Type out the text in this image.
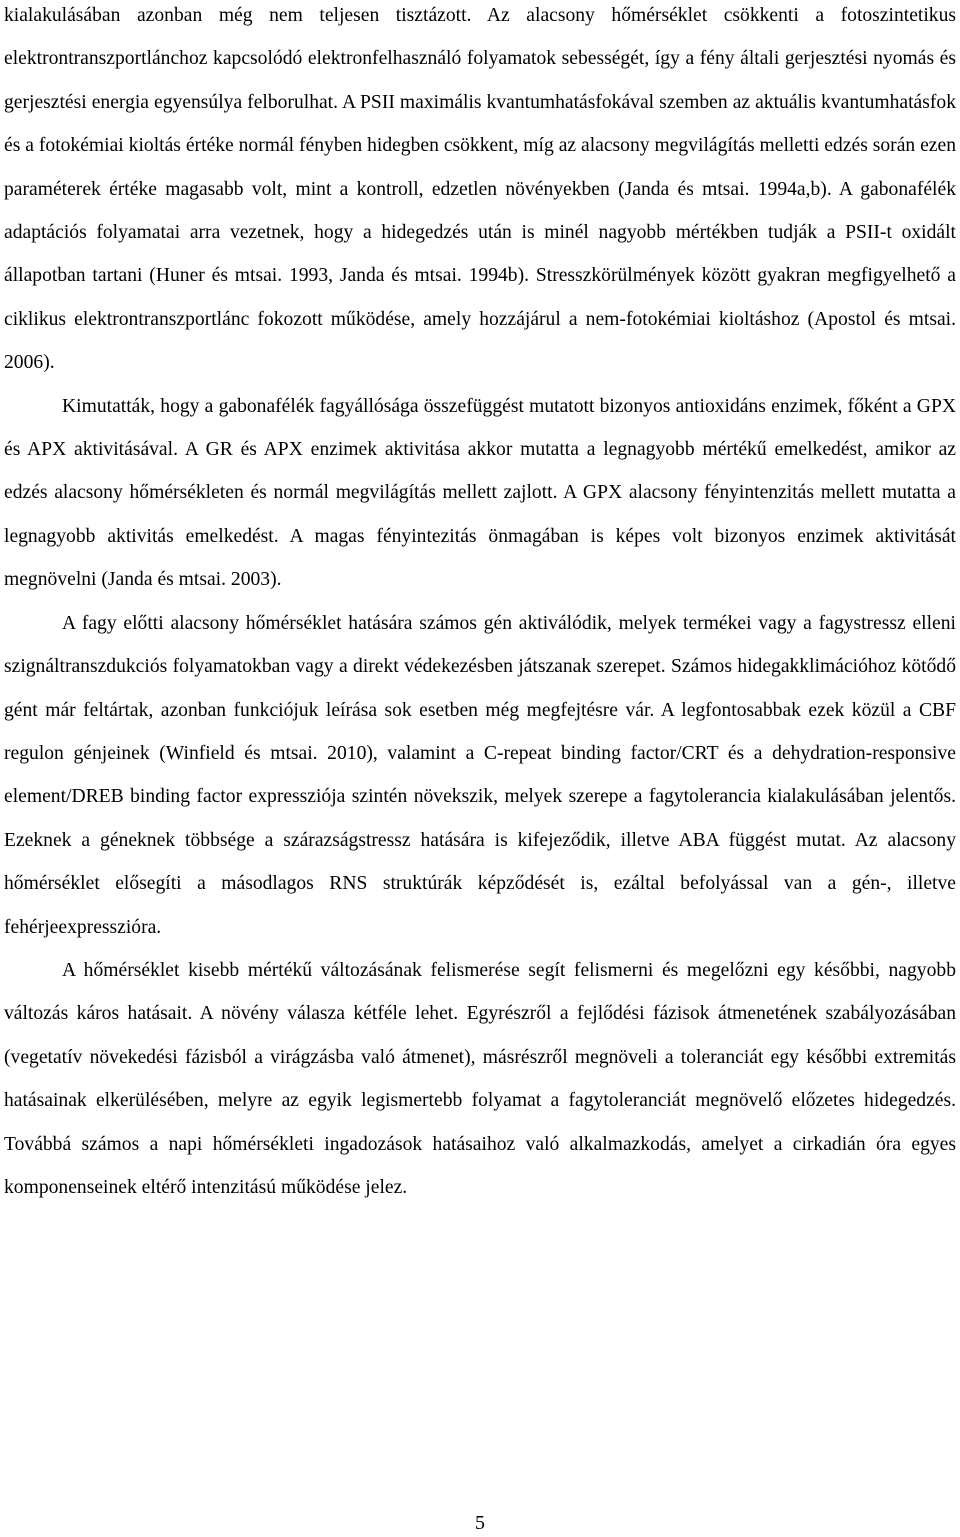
kialakulásában azonban még nem teljesen tisztázott. Az alacsony hőmérséklet csökkenti a fotoszintetikus elektrontranszportlánchoz kapcsolódó elektronfelhasználó folyamatok sebességét, így a fény általi gerjesztési nyomás és gerjesztési energia egyensúlya felborulhat. A PSII maximális kvantumhatásfokával szemben az aktuális kvantumhatásfok és a fotokémiai kioltás értéke normál fényben hidegben csökkent, míg az alacsony megvilágítás melletti edzés során ezen paraméterek értéke magasabb volt, mint a kontroll, edzetlen növényekben (Janda és mtsai. 1994a,b). A gabonafélék adaptációs folyamatai arra vezetnek, hogy a hidegedzés után is minél nagyobb mértékben tudják a PSII-t oxidált állapotban tartani (Huner és mtsai. 1993, Janda és mtsai. 1994b). Stresszkörülmények között gyakran megfigyelhető a ciklikus elektrontranszportlánc fokozott működése, amely hozzájárul a nem-fotokémiai kioltáshoz (Apostol és mtsai. 2006).

Kimutatták, hogy a gabonafélék fagyállósága összefüggést mutatott bizonyos antioxidáns enzimek, főként a GPX és APX aktivitásával. A GR és APX enzimek aktivitása akkor mutatta a legnagyobb mértékű emelkedést, amikor az edzés alacsony hőmérsékleten és normál megvilágítás mellett zajlott. A GPX alacsony fényintenzitás mellett mutatta a legnagyobb aktivitás emelkedést. A magas fényintezitás önmagában is képes volt bizonyos enzimek aktivitását megnövelni (Janda és mtsai. 2003).

A fagy előtti alacsony hőmérséklet hatására számos gén aktiválódik, melyek termékei vagy a fagystressz elleni szignáltranszdukciós folyamatokban vagy a direkt védekezésben játszanak szerepet. Számos hidegakklimációhoz kötődő gént már feltártak, azonban funkciójuk leírása sok esetben még megfejtésre vár. A legfontosabbak ezek közül a CBF regulon génjeinek (Winfield és mtsai. 2010), valamint a C-repeat binding factor/CRT és a dehydration-responsive element/DREB binding factor expressziója szintén növekszik, melyek szerepe a fagytolerancia kialakulásában jelentős. Ezeknek a géneknek többsége a szárazságstressz hatására is kifejeződik, illetve ABA függést mutat. Az alacsony hőmérséklet elősegíti a másodlagos RNS struktúrák képződését is, ezáltal befolyással van a gén-, illetve fehérjeexpresszióra.

A hőmérséklet kisebb mértékű változásának felismerése segít felismerni és megelőzni egy későbbi, nagyobb változás káros hatásait. A növény válasza kétféle lehet. Egyrészről a fejlődési fázisok átmenetének szabályozásában (vegetatív növekedési fázisból a virágzásba való átmenet), másrészről megnöveli a toleranciát egy későbbi extremitás hatásainak elkerülésében, melyre az egyik legismertebb folyamat a fagytoleranciát megnövelő előzetes hidegedzés. Továbbá számos a napi hőmérsékleti ingadozások hatásaihoz való alkalmazkodás, amelyet a cirkadián óra egyes komponenseinek eltérő intenzitású működése jelez.

5
